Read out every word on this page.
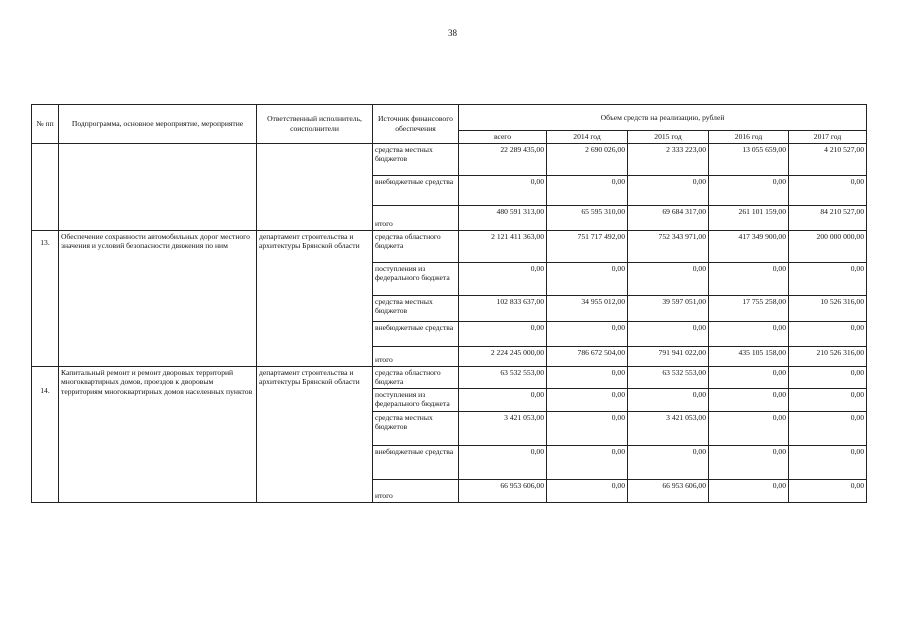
38
№ пп	Подпрограмма, основное мероприятие, мероприятие	Ответственный исполнитель, соисполнители	Источник финансового обеспечения	Объем средств на реализацию, рублей				
				всего	2014 год	2015 год	2016 год	2017 год
			средства местных бюджетов	22 289 435,00	2 690 026,00	2 333 223,00	13 055 659,00	4 210 527,00
			внебюджетные средства	0,00	0,00	0,00	0,00	0,00
			итого	480 591 313,00	65 595 310,00	69 684 317,00	261 101 159,00	84 210 527,00

13.	Обеспечение сохранности автомобильных дорог местного значения и условий безопасности движения по ним	департамент строительства и архитектуры Брянской области	средства областного бюджета	2 121 411 363,00	751 717 492,00	752 343 971,00	417 349 900,00	200 000 000,00
			поступления из федерального бюджета	0,00	0,00	0,00	0,00	0,00
			средства местных бюджетов	102 833 637,00	34 955 012,00	39 597 051,00	17 755 258,00	10 526 316,00
			внебюджетные средства	0,00	0,00	0,00	0,00	0,00
			итого	2 224 245 000,00	786 672 504,00	791 941 022,00	435 105 158,00	210 526 316,00

14.	Капитальный ремонт и ремонт дворовых территорий многоквартирных домов, проездов к дворовым территориям многоквартирных домов населенных пунктов	департамент строительства и архитектуры Брянской области	средства областного бюджета	63 532 553,00	0,00	63 532 553,00	0,00	0,00
			поступления из федерального бюджета	0,00	0,00	0,00	0,00	0,00
			средства местных бюджетов	3 421 053,00	0,00	3 421 053,00	0,00	0,00
			внебюджетные средства	0,00	0,00	0,00	0,00	0,00
			итого	66 953 606,00	0,00	66 953 606,00	0,00	0,00
